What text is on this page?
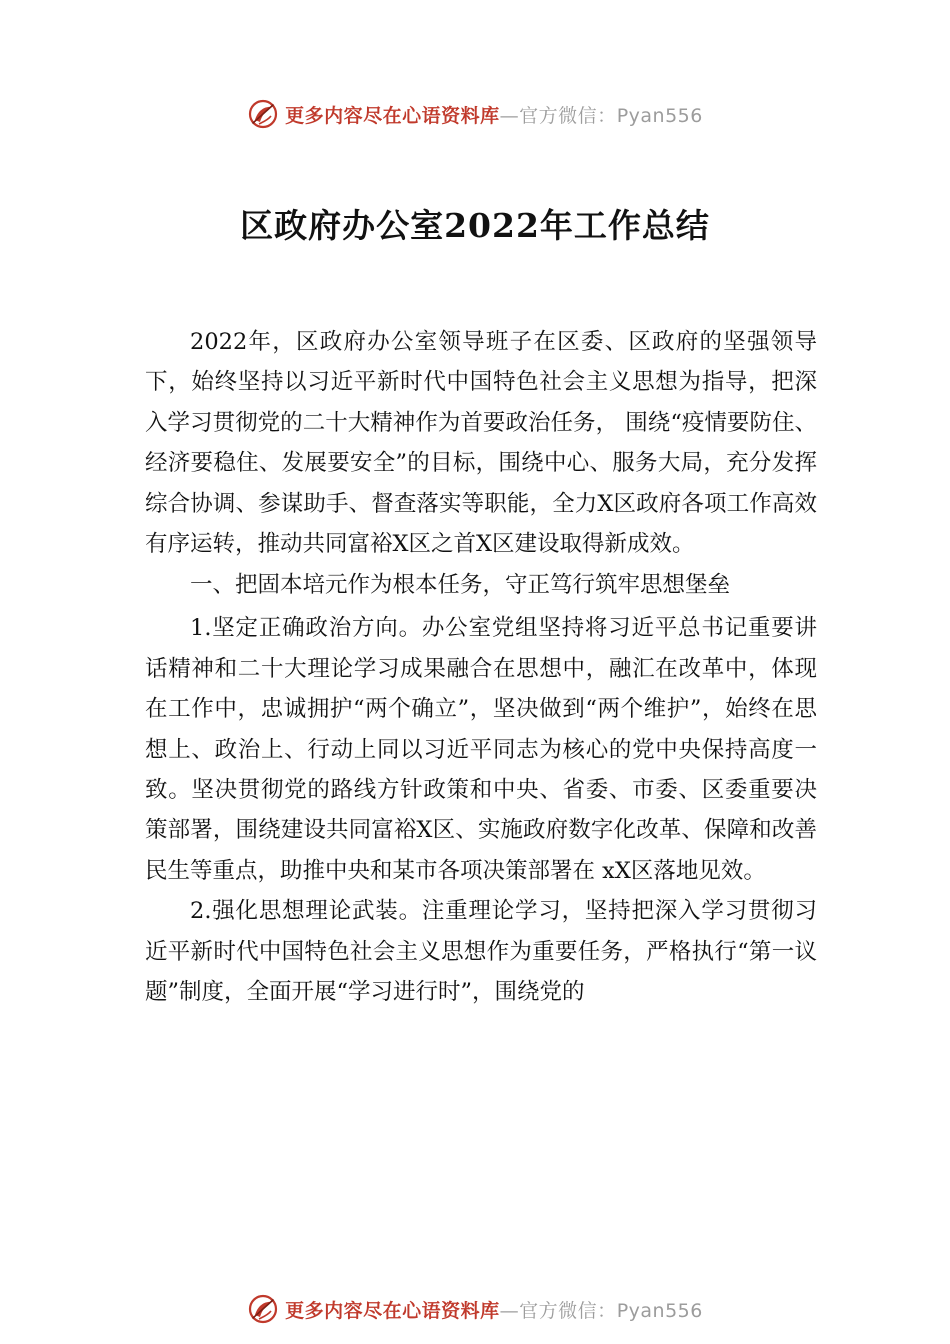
更多内容尽在心语资料库—官方微信：Pyan556
区政府办公室2022年工作总结

2022年，区政府办公室领导班子在区委、区政府的坚强领导下，始终坚持以习近平新时代中国特色社会主义思想为指导，把深入学习贯彻党的二十大精神作为首要政治任务， 围绕“疫情要防住、经济要稳住、发展要安全”的目标，围绕中心、服务大局，充分发挥综合协调、参谋助手、督查落实等职能，全力X区政府各项工作高效有序运转，推动共同富裕X区之首X区建设取得新成效。

一、把固本培元作为根本任务，守正笃行筑牢思想堡垒

1.坚定正确政治方向。办公室党组坚持将习近平总书记重要讲话精神和二十大理论学习成果融合在思想中，融汇在改革中，体现在工作中，忠诚拥护“两个确立”，坚决做到“两个维护”，始终在思想上、政治上、行动上同以习近平同志为核心的党中央保持高度一致。坚决贯彻党的路线方针政策和中央、省委、市委、区委重要决策部署，围绕建设共同富裕X区、实施政府数字化改革、保障和改善民生等重点，助推中央和某市各项决策部署在 xX区落地见效。

2.强化思想理论武装。注重理论学习，坚持把深入学习贯彻习近平新时代中国特色社会主义思想作为重要任务，严格执行“第一议题”制度，全面开展“学习进行时”，围绕党的

更多内容尽在心语资料库—官方微信：Pyan556
